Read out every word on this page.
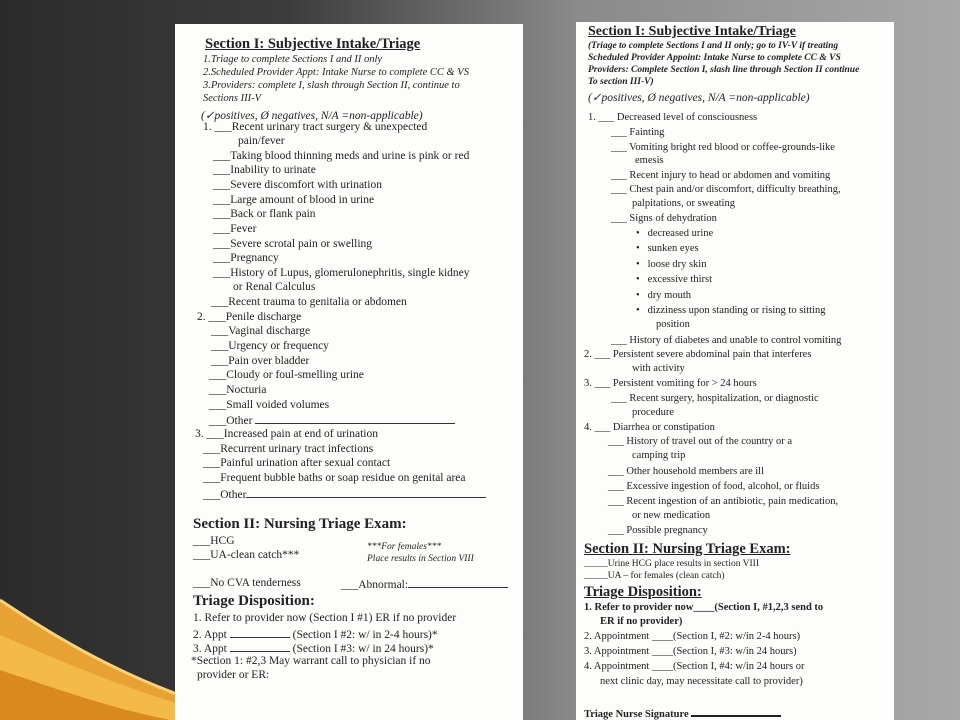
Section I: Subjective Intake/Triage
1.Triage to complete Sections I and II only
2.Scheduled Provider Appt: Intake Nurse to complete CC & VS
3.Providers: complete I, slash through Section II, continue to
Sections III-V
(✓positives, Ø negatives, N/A =non-applicable)
1. ___Recent urinary tract surgery & unexpected
pain/fever
___Taking blood thinning meds and urine is pink or red
___Inability to urinate
___Severe discomfort with urination
___Large amount of blood in urine
___Back or flank pain
___Fever
___Severe scrotal pain or swelling
___Pregnancy
___History of Lupus, glomerulonephritis, single kidney
or Renal Calculus
___Recent trauma to genitalia or abdomen
2. ___Penile discharge
___Vaginal discharge
___Urgency or frequency
___Pain over bladder
___Cloudy or foul-smelling urine
___Nocturia
___Small voided volumes
___Other
3. ___Increased pain at end of urination
___Recurrent urinary tract infections
___Painful urination after sexual contact
___Frequent bubble baths or soap residue on genital area
___Other
Section II: Nursing Triage Exam:
___HCG
___UA-clean catch***
***For females***
Place results in Section VIII
___No CVA tenderness	___Abnormal:
Triage Disposition:
1. Refer to provider now (Section I #1) ER if no provider
2. Appt	(Section I #2: w/ in 2-4 hours)*
3. Appt	(Section I #3: w/ in 24 hours)*
*Section 1: #2,3 May warrant call to physician if no
provider or ER:
Section I: Subjective Intake/Triage
(Triage to complete Sections I and II only; go to IV-V if treating
Scheduled Provider Appoint: Intake Nurse to complete CC & VS
Providers: Complete Section I, slash line through Section II continue
To section III-V)
(✓positives, Ø negatives, N/A =non-applicable)
1. ___ Decreased level of consciousness
___ Fainting
___ Vomiting bright red blood or coffee-grounds-like
emesis
___ Recent injury to head or abdomen and vomiting
___ Chest pain and/or discomfort, difficulty breathing,
palpitations, or sweating
___ Signs of dehydration
• decreased urine
• sunken eyes
• loose dry skin
• excessive thirst
• dry mouth
• dizziness upon standing or rising to sitting
position
___ History of diabetes and unable to control vomiting
2. ___ Persistent severe abdominal pain that interferes
with activity
3. ___ Persistent vomiting for > 24 hours
___ Recent surgery, hospitalization, or diagnostic
procedure
4. ___ Diarrhea or constipation
___ History of travel out of the country or a
camping trip
___ Other household members are ill
___ Excessive ingestion of food, alcohol, or fluids
___ Recent ingestion of an antibiotic, pain medication,
or new medication
___ Possible pregnancy
Section II: Nursing Triage Exam:
_____Urine HCG place results in section VIII
_____UA – for females (clean catch)
Triage Disposition:
1. Refer to provider now____(Section I, #1,2,3 send to
ER if no provider)
2. Appointment ____(Section I, #2: w/in 2-4 hours)
3. Appointment ____(Section I, #3: w/in 24 hours)
4. Appointment ____(Section I, #4: w/in 24 hours or
next clinic day, may necessitate call to provider)
Triage Nurse Signature
